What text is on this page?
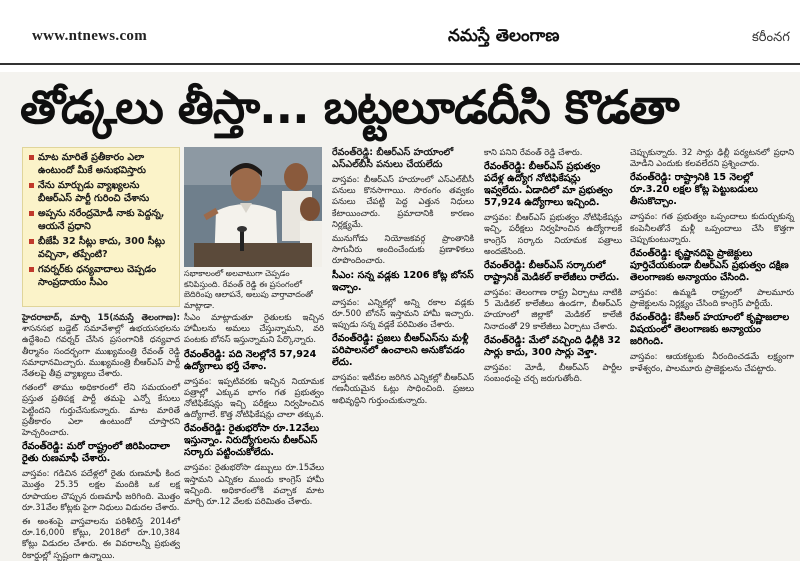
www.ntnews.com	నమస్తే తెలంగాణ	కరీంనగ
తోడ్కలు తీస్తా... బట్టలూడదీసి కొడతా
మాట మారితే ప్రతీకారం ఎలా ఉంటుందో మీకే అనుభవిస్తారు
నేను మార్చుడు వ్యాఖ్యలను బీఆర్ఎస్ పార్టీ గురించి చేశాను
అప్పను నరేంద్రమోడీ నాకు పెద్దన్న, ఆయనే ప్రధాని
బీజేపీ 32 సీట్లు కాదు, 300 సీట్లు వచ్చినా, తప్పేంటి?
గవర్నర్‌కు ధన్యవాదాలు చెప్పడం సాంప్రదాయం సీఎం
సభాకాలంలో అలవాటుగా చెప్పడం కనిపిస్తుంది. రేవంత్ రెడ్డి ఈ ప్రసంగంలో బెదిరింపు ఆలాపనే, అలుపు వార్తావాదంతో మాట్లాడా.

హైదరాబాద్, మార్చి 15(నమస్తే తెలంగాణ): శాసనసభ బడ్జెట్ సమావేశాల్లో ఉభయసభలను ఉద్దేశించి గవర్నర్ చేసిన ప్రసంగానికి ధన్యవాద తీర్మానం సందర్భంగా ముఖ్యమంత్రి రేవంత్ రెడ్డి సమాధానమిచ్చారు. ముఖ్యమంత్రి బీఆర్ఎస్ పార్టీ నేతలపై తీవ్ర వ్యాఖ్యలు చేశారు.

గతంలో తాము అధికారంలో లేని సమయంలో ప్రస్తుత ప్రతిపక్ష పార్టీ తమపై ఎన్నో కేసులు పెట్టిందని గుర్తుచేసుకున్నారు. మాట మారితే ప్రతీకారం ఎలా ఉంటుందో చూస్తారని హెచ్చరించారు.

రేవంత్‌రెడ్డి: మరో రాష్ట్రంలో జిరిపిందాలా రైతు రుణమాఫీ చేశారు.

వాస్తవం: గడిచిన పదేళ్లలో రైతు రుణమాఫీ కింద మొత్తం 25.35 లక్షల మందికి ఒక లక్ష రూపాయల చొప్పున రుణమాఫీ జరిగింది. మొత్తం రూ.31వేల కోట్లకు పైగా నిధులు విడుదల చేశారు.

ఈ అంశంపై వాస్తవాలను పరిశీలిస్తే 2014లో రూ.16,000 కోట్లు, 2018లో రూ.10,384 కోట్లు విడుదల చేశారు. ఈ వివరాలన్నీ ప్రభుత్వ రికార్డుల్లో స్పష్టంగా ఉన్నాయి.

సీఎం మాట్లాడుతూ రైతులకు ఇచ్చిన హామీలను అమలు చేస్తున్నామని, వరి పంటకు బోనస్ ఇస్తున్నామని పేర్కొన్నారు.

రేవంత్‌రెడ్డి: పది నెలల్లోనే 57,924 ఉద్యోగాలు భర్తీ చేశాం.

వాస్తవం: ఇప్పటివరకు ఇచ్చిన నియామక పత్రాల్లో ఎక్కువ భాగం గత ప్రభుత్వం నోటిఫికేషన్లు ఇచ్చి పరీక్షలు నిర్వహించిన ఉద్యోగాలే. కొత్త నోటిఫికేషన్లు చాలా తక్కువ.

రేవంత్‌రెడ్డి: రైతుభరోసా రూ.12వేలు ఇస్తున్నాం. నిరుద్యోగులను బీఆర్ఎస్ సర్కారు పట్టించుకోలేదు.

వాస్తవం: రైతుభరోసా డబ్బులు రూ.15వేలు ఇస్తామని ఎన్నికల ముందు కాంగ్రెస్ హామీ ఇచ్చింది. అధికారంలోకి వచ్చాక మాట మార్చి రూ.12 వేలకు పరిమితం చేశారు.

రేవంత్‌రెడ్డి: బీఆర్ఎస్ హయాంలో ఎస్ఎల్‌బీసీ పనులు చేయలేదు

వాస్తవం: బీఆర్ఎస్ హయాంలో ఎస్ఎల్‌బీసీ పనులు కొనసాగాయి. సొరంగం తవ్వకం పనులు చేపట్టి పెద్ద ఎత్తున నిధులు కేటాయించారు. ప్రమాదానికి కారణం నిర్లక్ష్యమే.

మునుగోడు నియోజకవర్గ ప్రాంతానికి సాగునీరు అందించేందుకు ప్రణాళికలు రూపొందించారు.

సీఎం: సన్న వడ్లకు 1206 కోట్ల బోనస్ ఇచ్చాం.

వాస్తవం: ఎన్నికల్లో అన్ని రకాల వడ్లకు రూ.500 బోనస్ ఇస్తామని హామీ ఇచ్చారు. ఇప్పుడు సన్న వడ్లకే పరిమితం చేశారు.

రేవంత్‌రెడ్డి: ప్రజలు బీఆర్ఎస్‌ను మళ్లీ పరిపాలనలో ఉంచాలని అనుకోవడం లేదు.

వాస్తవం: ఇటీవల జరిగిన ఎన్నికల్లో బీఆర్ఎస్ గణనీయమైన ఓట్లు సాధించింది. ప్రజలు అభివృద్ధిని గుర్తుంచుకున్నారు.

కాని పనిని రేవంత్ రెడ్డి చేశారు.

రేవంత్‌రెడ్డి: బీఆర్ఎస్ ప్రభుత్వం పదేళ్ల ఉద్యోగ నోటిఫికేషన్లు ఇవ్వలేదు. ఏడాదిలో మా ప్రభుత్వం 57,924 ఉద్యోగాలు ఇచ్చింది.

వాస్తవం: బీఆర్ఎస్ ప్రభుత్వం నోటిఫికేషన్లు ఇచ్చి, పరీక్షలు నిర్వహించిన ఉద్యోగాలకే కాంగ్రెస్ సర్కారు నియామక పత్రాలు అందజేసింది.

రేవంత్‌రెడ్డి: బీఆర్ఎస్ సర్కారులో రాష్ట్రానికి మెడికల్ కాలేజీలు రాలేదు.

వాస్తవం: తెలంగాణ రాష్ట్ర ఏర్పాటు నాటికి 5 మెడికల్ కాలేజీలు ఉండగా, బీఆర్ఎస్ హయాంలో జిల్లాకో మెడికల్ కాలేజీ నినాదంతో 29 కాలేజీలు ఏర్పాటు చేశారు.

రేవంత్‌రెడ్డి: మేలో వచ్చింది ఢిల్లీకి 32 సార్లు కాదు, 300 సార్లు వెళ్తా.

వాస్తవం: మోడీ, బీఆర్ఎస్ పార్టీల సంబంధంపై చర్చ జరుగుతోంది.

చెప్పుకున్నారు. 32 సార్లు ఢిల్లీ పర్యటనలో ప్రధాని మోడీని ఎందుకు కలవలేదని ప్రశ్నించారు.

రేవంత్‌రెడ్డి: రాష్ట్రానికి 15 నెలల్లో రూ.3.20 లక్షల కోట్ల పెట్టుబడులు తీసుకొచ్చాం.

వాస్తవం: గత ప్రభుత్వం ఒప్పందాలు కుదుర్చుకున్న కంపెనీలతోనే మళ్లీ ఒప్పందాలు చేసి కొత్తగా చెప్పుకుంటున్నారు.

రేవంత్‌రెడ్డి: కృష్ణానదిపై ప్రాజెక్టులు పూర్తిచేయకుండా బీఆర్ఎస్ ప్రభుత్వం దక్షిణ తెలంగాణకు అన్యాయం చేసింది.

వాస్తవం: ఉమ్మడి రాష్ట్రంలో పాలమూరు ప్రాజెక్టులను నిర్లక్ష్యం చేసింది కాంగ్రెస్ పార్టీయే.

రేవంత్‌రెడ్డి: కేసీఆర్ హయాంలో కృష్ణాజలాల విషయంలో తెలంగాణకు అన్యాయం జరిగింది.

వాస్తవం: ఆయకట్టుకు నీరందించడమే లక్ష్యంగా కాళేశ్వరం, పాలమూరు ప్రాజెక్టులను చేపట్టారు.
